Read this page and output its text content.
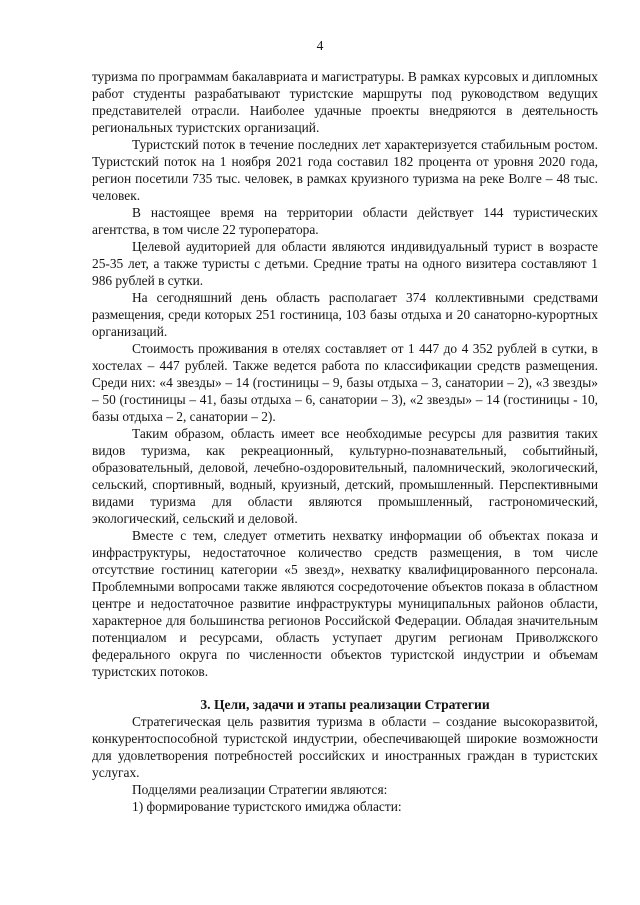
4

туризма по программам бакалавриата и магистратуры. В рамках курсовых и дипломных работ студенты разрабатывают туристские маршруты под руководством ведущих представителей отрасли. Наиболее удачные проекты внедряются в деятельность региональных туристских организаций.

Туристский поток в течение последних лет характеризуется стабильным ростом. Туристский поток на 1 ноября 2021 года составил 182 процента от уровня 2020 года, регион посетили 735 тыс. человек, в рамках круизного туризма на реке Волге – 48 тыс. человек.

В настоящее время на территории области действует 144 туристических агентства, в том числе 22 туроператора.

Целевой аудиторией для области являются индивидуальный турист в возрасте 25-35 лет, а также туристы с детьми. Средние траты на одного визитера составляют 1 986 рублей в сутки.

На сегодняшний день область располагает 374 коллективными средствами размещения, среди которых 251 гостиница, 103 базы отдыха и 20 санаторно-курортных организаций.

Стоимость проживания в отелях составляет от 1 447 до 4 352 рублей в сутки, в хостелах – 447 рублей. Также ведется работа по классификации средств размещения. Среди них: «4 звезды» – 14 (гостиницы – 9, базы отдыха – 3, санатории – 2), «3 звезды» – 50 (гостиницы – 41, базы отдыха – 6, санатории – 3), «2 звезды» – 14 (гостиницы - 10, базы отдыха – 2, санатории – 2).

Таким образом, область имеет все необходимые ресурсы для развития таких видов туризма, как рекреационный, культурно-познавательный, событийный, образовательный, деловой, лечебно-оздоровительный, паломнический, экологический, сельский, спортивный, водный, круизный, детский, промышленный. Перспективными видами туризма для области являются промышленный, гастрономический, экологический, сельский и деловой.

Вместе с тем, следует отметить нехватку информации об объектах показа и инфраструктуры, недостаточное количество средств размещения, в том числе отсутствие гостиниц категории «5 звезд», нехватку квалифицированного персонала. Проблемными вопросами также являются сосредоточение объектов показа в областном центре и недостаточное развитие инфраструктуры муниципальных районов области, характерное для большинства регионов Российской Федерации. Обладая значительным потенциалом и ресурсами, область уступает другим регионам Приволжского федерального округа по численности объектов туристской индустрии и объемам туристских потоков.

3. Цели, задачи и этапы реализации Стратегии

Стратегическая цель развития туризма в области – создание высокоразвитой, конкурентоспособной туристской индустрии, обеспечивающей широкие возможности для удовлетворения потребностей российских и иностранных граждан в туристских услугах.

Подцелями реализации Стратегии являются:

1) формирование туристского имиджа области:
